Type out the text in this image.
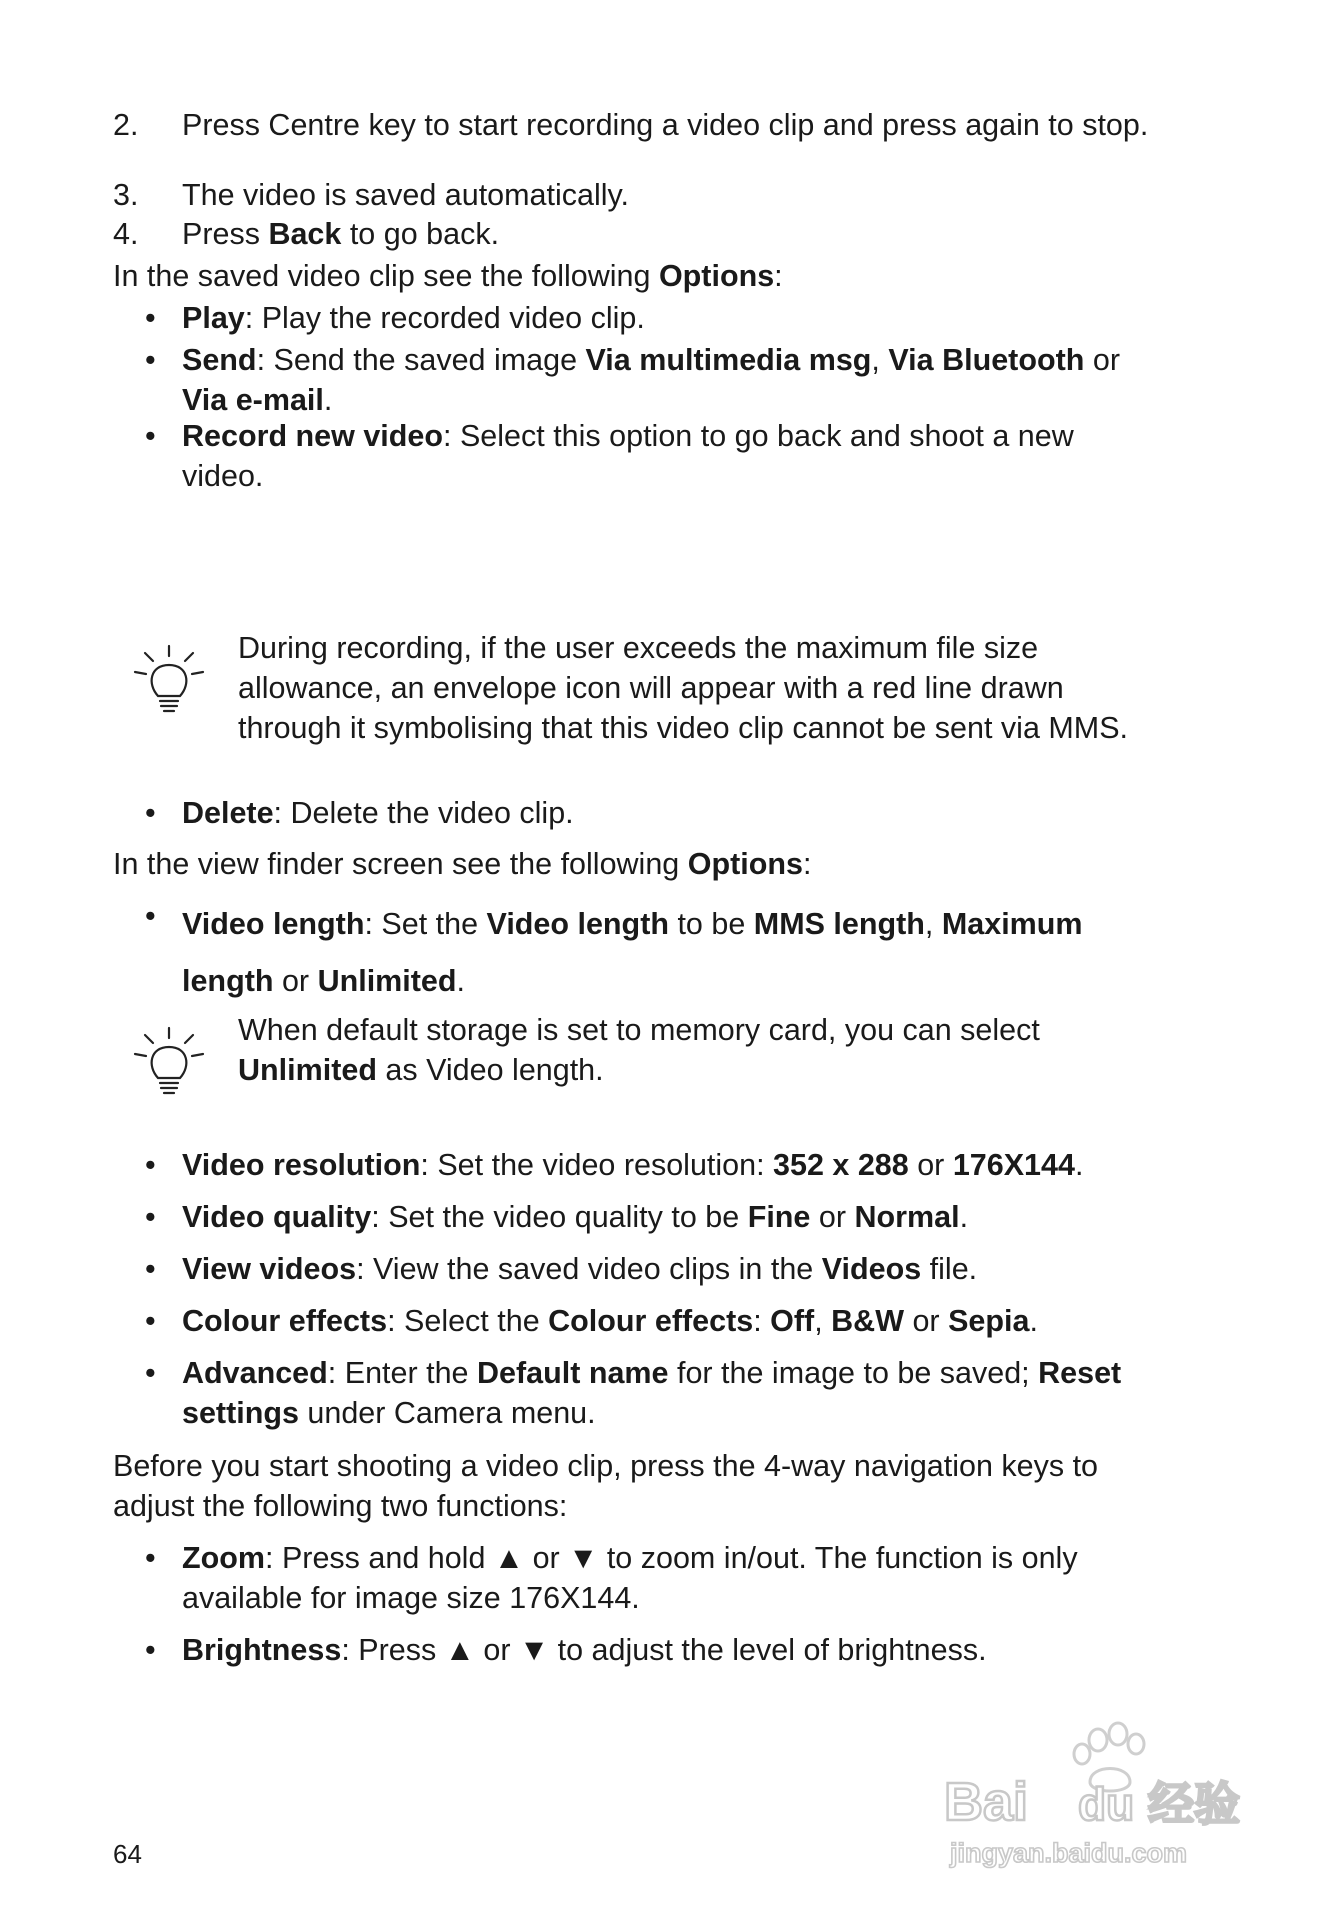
2. Press Centre key to start recording a video clip and press again to stop.
3. The video is saved automatically.
4. Press Back to go back.
In the saved video clip see the following Options:
• Play: Play the recorded video clip.
• Send: Send the saved image Via multimedia msg, Via Bluetooth or
Via e-mail.
• Record new video: Select this option to go back and shoot a new
video.
During recording, if the user exceeds the maximum file size
allowance, an envelope icon will appear with a red line drawn
through it symbolising that this video clip cannot be sent via MMS.
• Delete: Delete the video clip.
In the view finder screen see the following Options:
• Video length: Set the Video length to be MMS length, Maximum
length or Unlimited.
When default storage is set to memory card, you can select
Unlimited as Video length.
• Video resolution: Set the video resolution: 352 x 288 or 176X144.
• Video quality: Set the video quality to be Fine or Normal.
• View videos: View the saved video clips in the Videos file.
• Colour effects: Select the Colour effects: Off, B&W or Sepia.
• Advanced: Enter the Default name for the image to be saved; Reset
settings under Camera menu.
Before you start shooting a video clip, press the 4-way navigation keys to
adjust the following two functions:
• Zoom: Press and hold ▲ or ▼ to zoom in/out. The function is only
available for image size 176X144.
• Brightness: Press ▲ or ▼ to adjust the level of brightness.
64
Bai du 经验
jingyan.baidu.com
